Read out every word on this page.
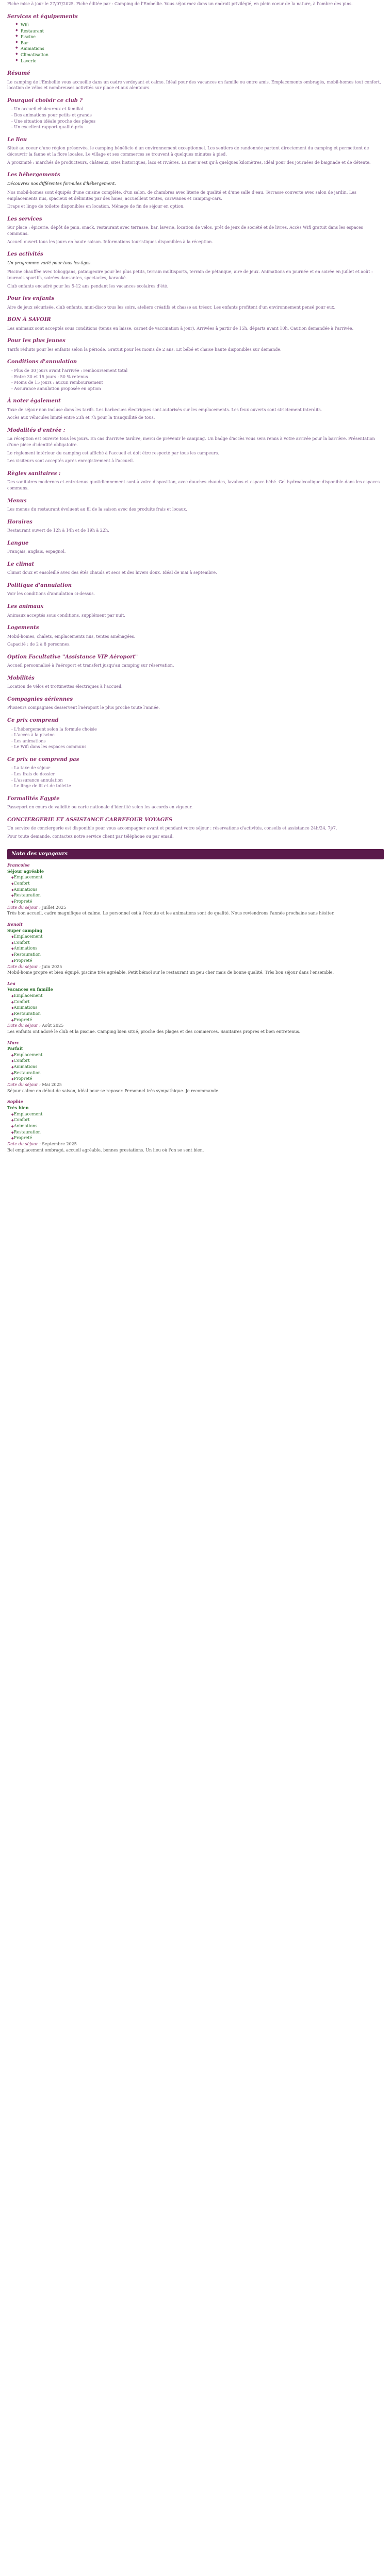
Fiche mise à jour le 27/07/2025. Fiche éditée par : Camping de l'Embellie. Vous séjournez dans un endroit privilégié, en plein coeur de la nature, à l'ombre des pins.

Services et équipements
◆ Wifi
◆ Restaurant
◆ Piscine
◆ Bar
◆ Animations
◆ Climatisation
◆ Laverie
Résumé

Le camping de l'Embellie vous accueille dans un cadre verdoyant et calme. Idéal pour des vacances en famille ou entre amis. Emplacements ombragés, mobil-homes tout confort, location de vélos et nombreuses activités sur place et aux alentours.

Pourquoi choisir ce club ?
- Un accueil chaleureux et familial
- Des animations pour petits et grands
- Une situation idéale proche des plages
- Un excellent rapport qualité-prix
Le lieu

Situé au coeur d'une région préservée, le camping bénéficie d'un environnement exceptionnel. Les sentiers de randonnée partent directement du camping et permettent de découvrir la faune et la flore locales. Le village et ses commerces se trouvent à quelques minutes à pied.

À proximité : marchés de producteurs, châteaux, sites historiques, lacs et rivières. La mer n'est qu'à quelques kilomètres, idéal pour des journées de baignade et de détente.

Les hébergements

Découvrez nos différentes formules d'hébergement.

Nos mobil-homes sont équipés d'une cuisine complète, d'un salon, de chambres avec literie de qualité et d'une salle d'eau. Terrasse couverte avec salon de jardin. Les emplacements nus, spacieux et délimités par des haies, accueillent tentes, caravanes et camping-cars.

Draps et linge de toilette disponibles en location. Ménage de fin de séjour en option.

Les services

Sur place : épicerie, dépôt de pain, snack, restaurant avec terrasse, bar, laverie, location de vélos, prêt de jeux de société et de livres. Accès Wifi gratuit dans les espaces communs.

Accueil ouvert tous les jours en haute saison. Informations touristiques disponibles à la réception.

Les activités

Un programme varié pour tous les âges.

Piscine chauffée avec toboggans, pataugeoire pour les plus petits, terrain multisports, terrain de pétanque, aire de jeux. Animations en journée et en soirée en juillet et août : tournois sportifs, soirées dansantes, spectacles, karaoké.

Club enfants encadré pour les 5-12 ans pendant les vacances scolaires d'été.

Pour les enfants

Aire de jeux sécurisée, club enfants, mini-disco tous les soirs, ateliers créatifs et chasse au trésor. Les enfants profitent d'un environnement pensé pour eux.

BON À SAVOIR

Les animaux sont acceptés sous conditions (tenus en laisse, carnet de vaccination à jour). Arrivées à partir de 15h, départs avant 10h. Caution demandée à l'arrivée.

Pour les plus jeunes

Tarifs réduits pour les enfants selon la période. Gratuit pour les moins de 2 ans. Lit bébé et chaise haute disponibles sur demande.

Conditions d'annulation
- Plus de 30 jours avant l'arrivée : remboursement total
- Entre 30 et 15 jours : 50 % retenus
- Moins de 15 jours : aucun remboursement
- Assurance annulation proposée en option
À noter également

Taxe de séjour non incluse dans les tarifs. Les barbecues électriques sont autorisés sur les emplacements. Les feux ouverts sont strictement interdits.

Accès aux véhicules limité entre 23h et 7h pour la tranquillité de tous.

Modalités d'entrée :

La réception est ouverte tous les jours. En cas d'arrivée tardive, merci de prévenir le camping. Un badge d'accès vous sera remis à votre arrivée pour la barrière. Présentation d'une pièce d'identité obligatoire.

Le règlement intérieur du camping est affiché à l'accueil et doit être respecté par tous les campeurs.

Les visiteurs sont acceptés après enregistrement à l'accueil.

Règles sanitaires :

Des sanitaires modernes et entretenus quotidiennement sont à votre disposition, avec douches chaudes, lavabos et espace bébé. Gel hydroalcoolique disponible dans les espaces communs.

Menus

Les menus du restaurant évoluent au fil de la saison avec des produits frais et locaux.

Horaires

Restaurant ouvert de 12h à 14h et de 19h à 22h.

Langue

Français, anglais, espagnol.

Le climat

Climat doux et ensoleillé avec des étés chauds et secs et des hivers doux. Idéal de mai à septembre.

Politique d'annulation

Voir les conditions d'annulation ci-dessus.

Les animaux

Animaux acceptés sous conditions, supplément par nuit.

Logements

Mobil-homes, chalets, emplacements nus, tentes aménagées.

Capacité : de 2 à 8 personnes.

Option Facultative "Assistance VIP Aéroport"

Accueil personnalisé à l'aéroport et transfert jusqu'au camping sur réservation.

Mobilités

Location de vélos et trottinettes électriques à l'accueil.

Compagnies aériennes

Plusieurs compagnies desservent l'aéroport le plus proche toute l'année.

Ce prix comprend
- L'hébergement selon la formule choisie
- L'accès à la piscine
- Les animations
- Le Wifi dans les espaces communs
Ce prix ne comprend pas
- La taxe de séjour
- Les frais de dossier
- L'assurance annulation
- Le linge de lit et de toilette
Formalités Egypte

Passeport en cours de validité ou carte nationale d'identité selon les accords en vigueur.

CONCIERGERIE ET ASSISTANCE CARREFOUR VOYAGES

Un service de conciergerie est disponible pour vous accompagner avant et pendant votre séjour : réservations d'activités, conseils et assistance 24h/24, 7j/7.

Pour toute demande, contactez notre service client par téléphone ou par email.

Note des voyageurs
Francoise
Séjour agréable
◆ Emplacement
◆ Confort
◆ Animations
◆ Restauration
◆ Propreté
Date du séjour : Juillet 2025
Très bon accueil, cadre magnifique et calme. Le personnel est à l'écoute et les animations sont de qualité. Nous reviendrons l'année prochaine sans hésiter.
Benoit
Super camping
◆ Emplacement
◆ Confort
◆ Animations
◆ Restauration
◆ Propreté
Date du séjour : Juin 2025
Mobil-home propre et bien équipé, piscine très agréable. Petit bémol sur le restaurant un peu cher mais de bonne qualité. Très bon séjour dans l'ensemble.
Lea
Vacances en famille
◆ Emplacement
◆ Confort
◆ Animations
◆ Restauration
◆ Propreté
Date du séjour : Août 2025
Les enfants ont adoré le club et la piscine. Camping bien situé, proche des plages et des commerces. Sanitaires propres et bien entretenus.
Marc
Parfait
◆ Emplacement
◆ Confort
◆ Animations
◆ Restauration
◆ Propreté
Date du séjour : Mai 2025
Séjour calme en début de saison, idéal pour se reposer. Personnel très sympathique. Je recommande.
Sophie
Très bien
◆ Emplacement
◆ Confort
◆ Animations
◆ Restauration
◆ Propreté
Date du séjour : Septembre 2025
Bel emplacement ombragé, accueil agréable, bonnes prestations. Un lieu où l'on se sent bien.
